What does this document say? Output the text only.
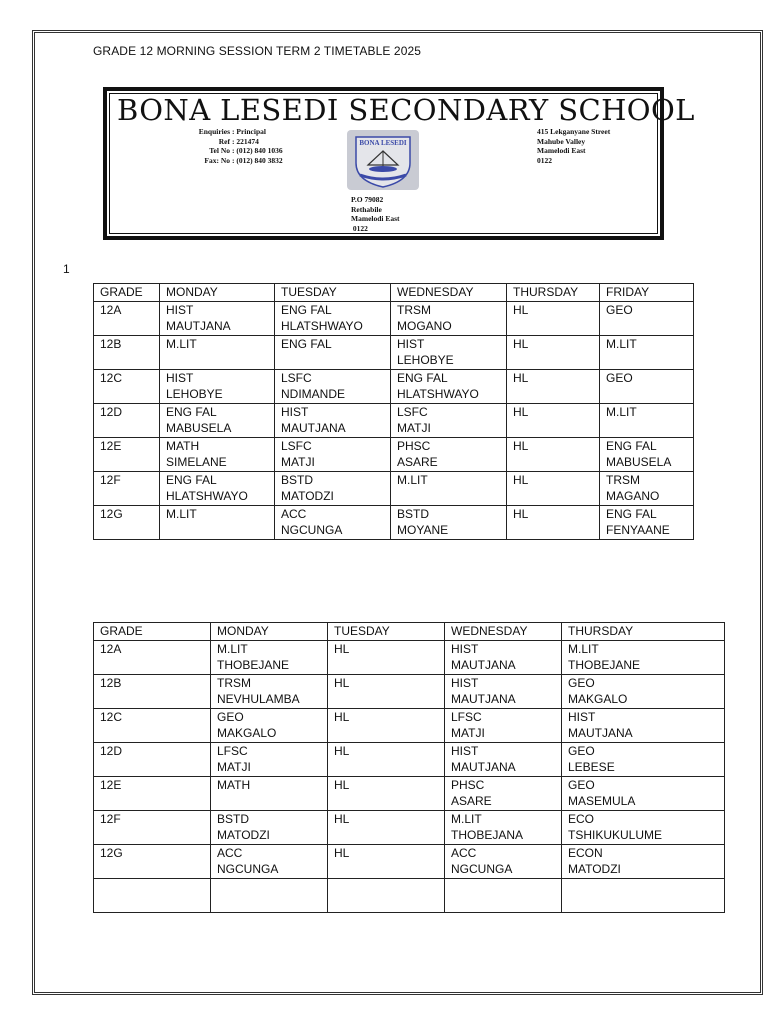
GRADE 12 MORNING SESSION TERM 2 TIMETABLE 2025
BONA LESEDI SECONDARY SCHOOL
Enquiries : Principal
Ref : 221474
Tel No : (012) 840 1036
Fax: No : (012) 840 3832
BONA LESEDI
415 Lekganyane Street
Mahube Valley
Mamelodi East
0122
P.O 79082
Rethabile
Mamelodi East
0122
1
GRADE	MONDAY	TUESDAY	WEDNESDAY	THURSDAY	FRIDAY

12A	HIST
MAUTJANA	ENG FAL
HLATSHWAYO	TRSM
MOGANO	HL	GEO

12B	M.LIT	ENG FAL	HIST
LEHOBYE	HL	M.LIT

12C	HIST
LEHOBYE	LSFC
NDIMANDE	ENG FAL
HLATSHWAYO	HL	GEO

12D	ENG FAL
MABUSELA	HIST
MAUTJANA	LSFC
MATJI	HL	M.LIT

12E	MATH
SIMELANE	LSFC
MATJI	PHSC
ASARE	HL	ENG FAL
MABUSELA

12F	ENG FAL
HLATSHWAYO	BSTD
MATODZI	M.LIT	HL	TRSM
MAGANO

12G	M.LIT	ACC
NGCUNGA	BSTD
MOYANE	HL	ENG FAL
FENYAANE
GRADE	MONDAY	TUESDAY	WEDNESDAY	THURSDAY

12A	M.LIT
THOBEJANE	HL	HIST
MAUTJANA	M.LIT
THOBEJANE

12B	TRSM
NEVHULAMBA	HL	HIST
MAUTJANA	GEO
MAKGALO

12C	GEO
MAKGALO	HL	LFSC
MATJI	HIST
MAUTJANA

12D	LFSC
MATJI	HL	HIST
MAUTJANA	GEO
LEBESE

12E	MATH	HL	PHSC
ASARE	GEO
MASEMULA

12F	BSTD
MATODZI	HL	M.LIT
THOBEJANA	ECO
TSHIKUKULUME

12G	ACC
NGCUNGA	HL	ACC
NGCUNGA	ECON
MATODZI
